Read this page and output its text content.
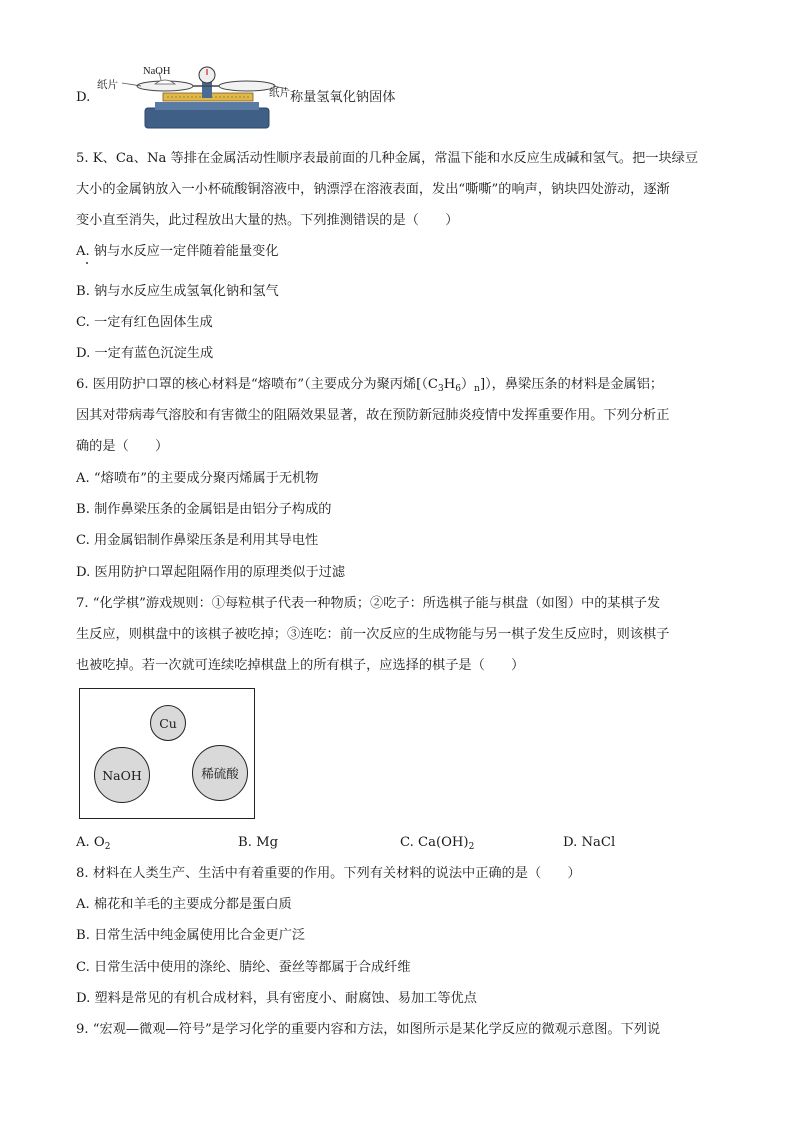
D.
纸片
NaOH
纸片 称量氢氧化钠固体
5. K、Ca、Na 等排在金属活动性顺序表最前面的几种金属，常温下能和水反应生成碱和氢气。把一块绿豆
大小的金属钠放入一小杯硫酸铜溶液中，钠漂浮在溶液表面，发出“嘶嘶”的响声，钠块四处游动，逐渐
变小直至消失，此过程放出大量的热。下列推测错误的是（　　）
A. 钠与水反应一定伴随着能量变化
B. 钠与水反应生成氢氧化钠和氢气
C. 一定有红色固体生成
D. 一定有蓝色沉淀生成
6. 医用防护口罩的核心材料是“熔喷布”（主要成分为聚丙烯$[(C_3H_6)_n]$），鼻梁压条的材料是金属铝；
因其对带病毒气溶胶和有害微尘的阻隔效果显著，故在预防新冠肺炎疫情中发挥重要作用。下列分析正
确的是（　　）
A. “熔喷布”的主要成分聚丙烯属于无机物
B. 制作鼻梁压条的金属铝是由铝分子构成的
C. 用金属铝制作鼻梁压条是利用其导电性
D. 医用防护口罩起阻隔作用的原理类似于过滤
7. “化学棋”游戏规则：①每粒棋子代表一种物质；②吃子：所选棋子能与棋盘（如图）中的某棋子发
生反应，则棋盘中的该棋子被吃掉；③连吃：前一次反应的生成物能与另一棋子发生反应时，则该棋子
也被吃掉。若一次就可连续吃掉棋盘上的所有棋子，应选择的棋子是（　　）
Cu
NaOH	稀硫酸
A. $O_2$	B. Mg	C. $Ca(OH)_2$	D. NaCl
8. 材料在人类生产、生活中有着重要的作用。下列有关材料的说法中正确的是（　　）
A. 棉花和羊毛的主要成分都是蛋白质
B. 日常生活中纯金属使用比合金更广泛
C. 日常生活中使用的涤纶、腈纶、蚕丝等都属于合成纤维
D. 塑料是常见的有机合成材料，具有密度小、耐腐蚀、易加工等优点
9. “宏观—微观—符号”是学习化学的重要内容和方法，如图所示是某化学反应的微观示意图。下列说
